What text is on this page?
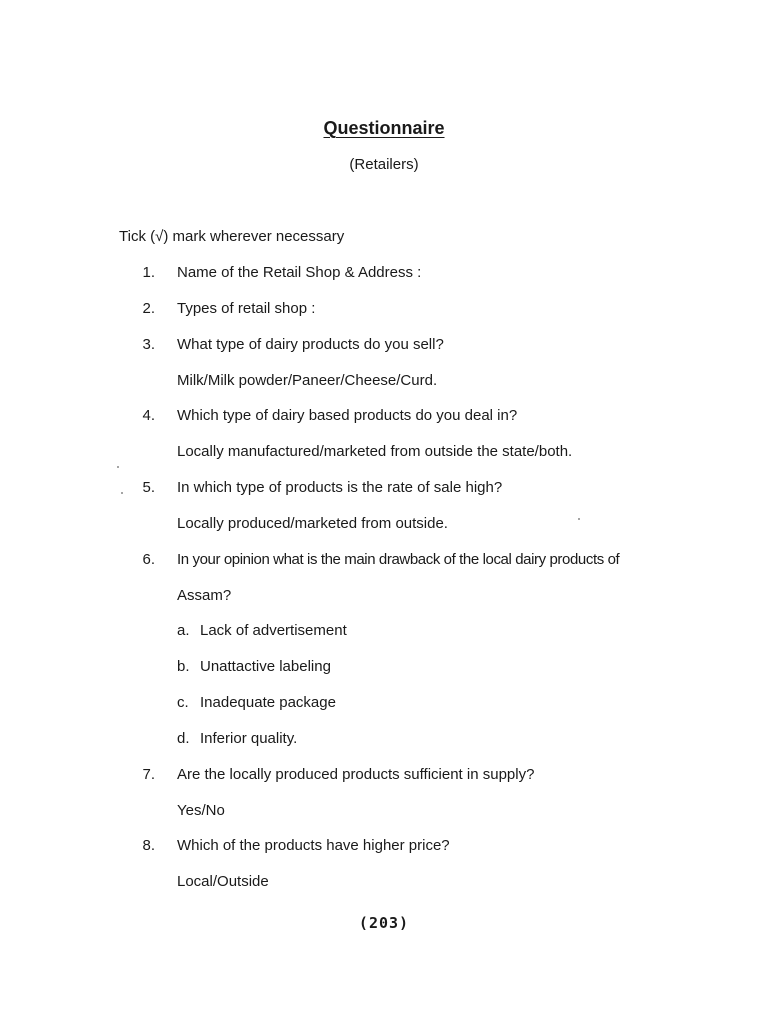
Questionnaire
(Retailers)
Tick (√) mark wherever necessary
1. Name of the Retail Shop & Address :
2. Types of retail shop :
3. What type of dairy products do you sell?
Milk/Milk powder/Paneer/Cheese/Curd.
4. Which type of dairy based products do you deal in?
Locally manufactured/marketed from outside the state/both.
5. In which type of products is the rate of sale high?
Locally produced/marketed from outside.
6. In your opinion what is the main drawback of the local dairy products of
Assam?
a. Lack of advertisement
b. Unattactive labeling
c. Inadequate package
d. Inferior quality.
7. Are the locally produced products sufficient in supply?
Yes/No
8. Which of the products have higher price?
Local/Outside
(203)
